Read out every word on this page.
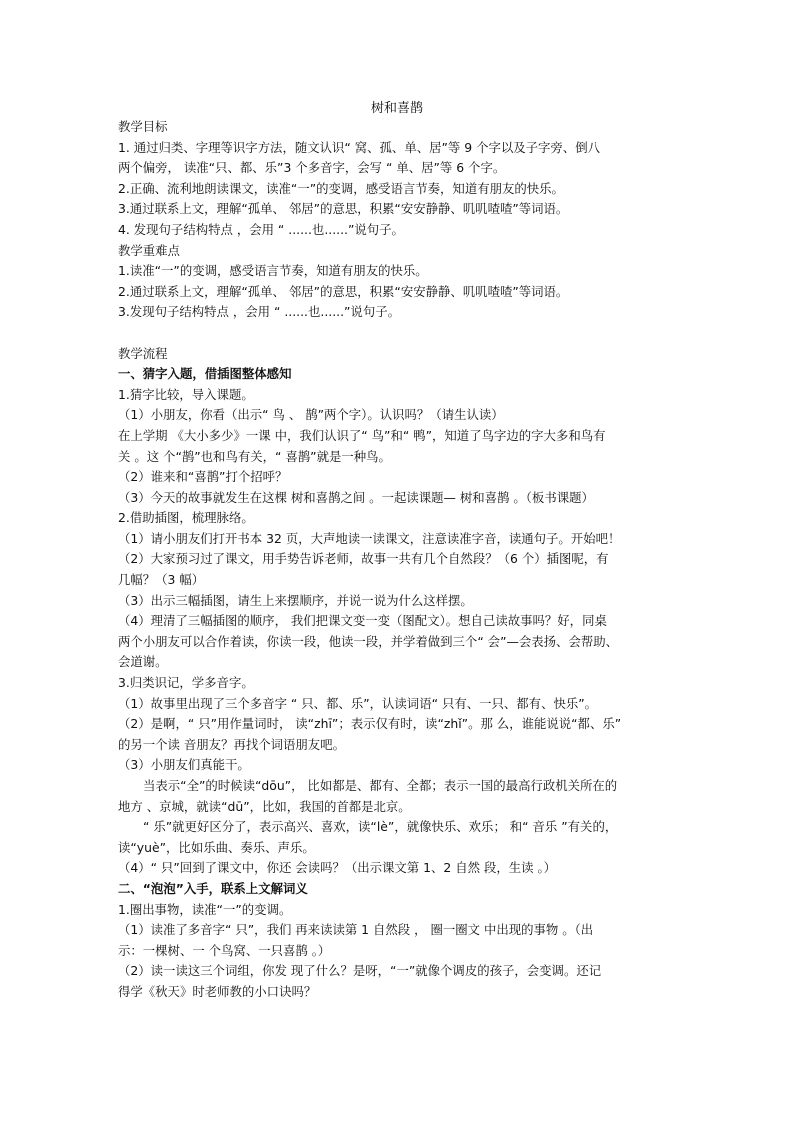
树和喜鹊
教学目标
1. 通过归类、字理等识字方法，随文认识“ 窝、孤、单、居”等 9 个字以及子字旁、倒八
两个偏旁， 读准“只、都、乐”3 个多音字，会写 “ 单、居”等 6 个字。
2.正确、流利地朗读课文，读准“一”的变调，感受语言节奏，知道有朋友的快乐。
3.通过联系上文，理解“孤单、 邻居”的意思，积累“安安静静、叽叽喳喳”等词语。
4. 发现句子结构特点 ，会用 “ ......也......”说句子。
教学重难点
1.读准“一”的变调，感受语言节奏，知道有朋友的快乐。
2.通过联系上文，理解“孤单、 邻居”的意思，积累“安安静静、叽叽喳喳”等词语。
3.发现句子结构特点 ，会用 “ ......也......”说句子。
教学流程
一、猜字入题，借插图整体感知
1.猜字比较，导入课题。
（1）小朋友，你看（出示“ 鸟 、 鹊”两个字）。认识吗？（请生认读）
在上学期 《大小多少》一课 中，我们认识了“ 鸟”和“ 鸭”，知道了鸟字边的字大多和鸟有
关 。这 个“鹊”也和鸟有关，“ 喜鹊”就是一种鸟。
（2）谁来和“喜鹊”打个招呼？
（3）今天的故事就发生在这棵 树和喜鹊之间 。一起读课题— 树和喜鹊 。（板书课题）
2.借助插图，梳理脉络。
（1）请小朋友们打开书本 32 页，大声地读一读课文，注意读准字音，读通句子。开始吧！
（2）大家预习过了课文，用手势告诉老师，故事一共有几个自然段？（6 个）插图呢，有
几幅？（3 幅）
（3）出示三幅插图，请生上来摆顺序，并说一说为什么这样摆。
（4）理清了三幅插图的顺序， 我们把课文变一变（图配文）。想自己读故事吗？好，同桌
两个小朋友可以合作着读，你读一段，他读一段，并学着做到三个“ 会”—会表扬、会帮助、
会道谢。
3.归类识记，学多音字。
（1）故事里出现了三个多音字 “ 只、都、乐”，认读词语“ 只有、一只、都有、快乐”。
（2）是啊，“ 只”用作量词时， 读“zhī”；表示仅有时，读“zhǐ”。那 么，谁能说说“都、乐”
的另一个读 音朋友？再找个词语朋友吧。
（3）小朋友们真能干。
当表示“全”的时候读“dōu”， 比如都是、都有、全都；表示一国的最高行政机关所在的
地方 、京城，就读“dū”，比如，我国的首都是北京。
“ 乐”就更好区分了，表示高兴、喜欢，读“lè”，就像快乐、欢乐； 和“ 音乐 ”有关的，
读“yuè”，比如乐曲、奏乐、声乐。
（4）“ 只”回到了课文中，你还 会读吗？（出示课文第 1、2 自然 段，生读 。）
二、“泡泡”入手，联系上文解词义
1.圈出事物，读准“一”的变调。
（1）读准了多音字“ 只”，我们 再来读读第 1 自然段 ， 圈一圈文 中出现的事物 。（出
示：一棵树、一 个鸟窝、一只喜鹊 。）
（2）读一读这三个词组，你发 现了什么？是呀，“一”就像个调皮的孩子，会变调。还记
得学《秋天》时老师教的小口诀吗？
